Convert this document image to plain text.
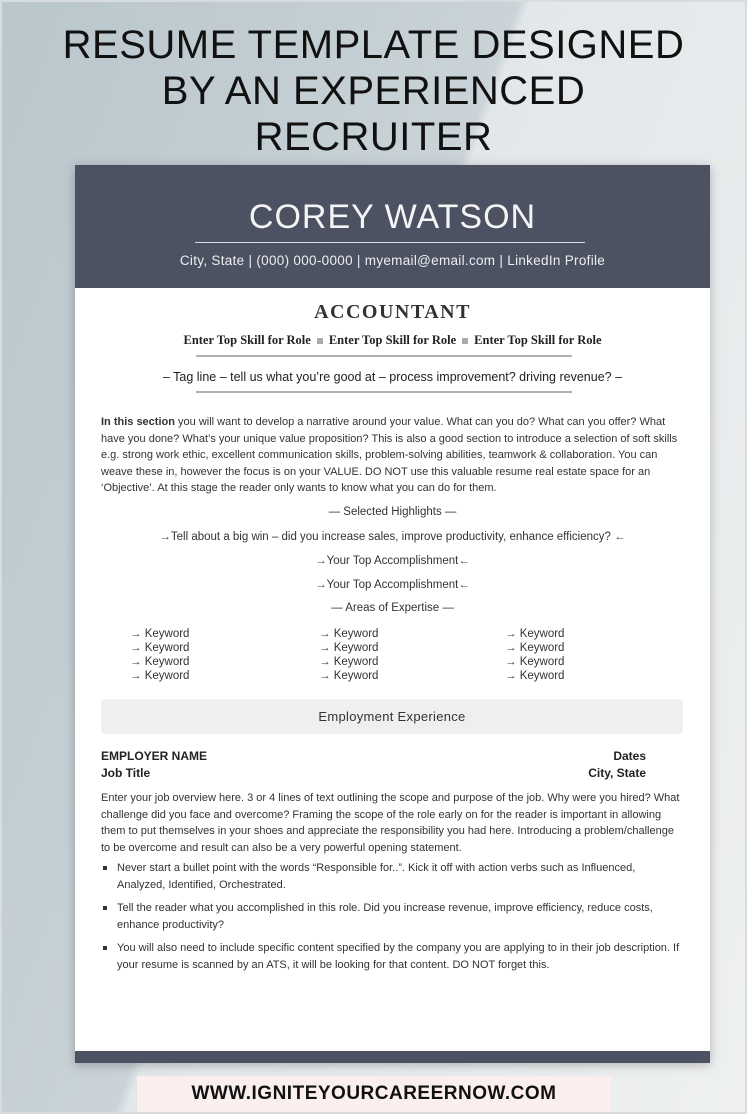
RESUME TEMPLATE DESIGNED
BY AN EXPERIENCED
RECRUITER
COREY WATSON
City, State | (000) 000-0000 | myemail@email.com | LinkedIn Profile
ACCOUNTANT
Enter Top Skill for Role Enter Top Skill for Role Enter Top Skill for Role
– Tag line – tell us what you’re good at – process improvement? driving revenue? –
In this section you will want to develop a narrative around your value. What can you do? What can you offer? What have you done? What’s your unique value proposition? This is also a good section to introduce a selection of soft skills e.g. strong work ethic, excellent communication skills, problem-solving abilities, teamwork & collaboration. You can weave these in, however the focus is on your VALUE. DO NOT use this valuable resume real estate space for an ‘Objective’. At this stage the reader only wants to know what you can do for them.
— Selected Highlights —
→Tell about a big win – did you increase sales, improve productivity, enhance efficiency? ←
→Your Top Accomplishment←
→Your Top Accomplishment←
— Areas of Expertise —
→ Keyword
→ Keyword
→ Keyword
→ Keyword
→ Keyword
→ Keyword
→ Keyword
→ Keyword
→ Keyword
→ Keyword
→ Keyword
→ Keyword
Employment Experience
EMPLOYER NAME	Dates
Job Title	City, State
Enter your job overview here. 3 or 4 lines of text outlining the scope and purpose of the job. Why were you hired? What challenge did you face and overcome? Framing the scope of the role early on for the reader is important in allowing them to put themselves in your shoes and appreciate the responsibility you had here. Introducing a problem/challenge to be overcome and result can also be a very powerful opening statement.
Never start a bullet point with the words “Responsible for..”. Kick it off with action verbs such as Influenced, Analyzed, Identified, Orchestrated.
Tell the reader what you accomplished in this role. Did you increase revenue, improve efficiency, reduce costs, enhance productivity?
You will also need to include specific content specified by the company you are applying to in their job description. If your resume is scanned by an ATS, it will be looking for that content. DO NOT forget this.
WWW.IGNITEYOURCAREERNOW.COM
